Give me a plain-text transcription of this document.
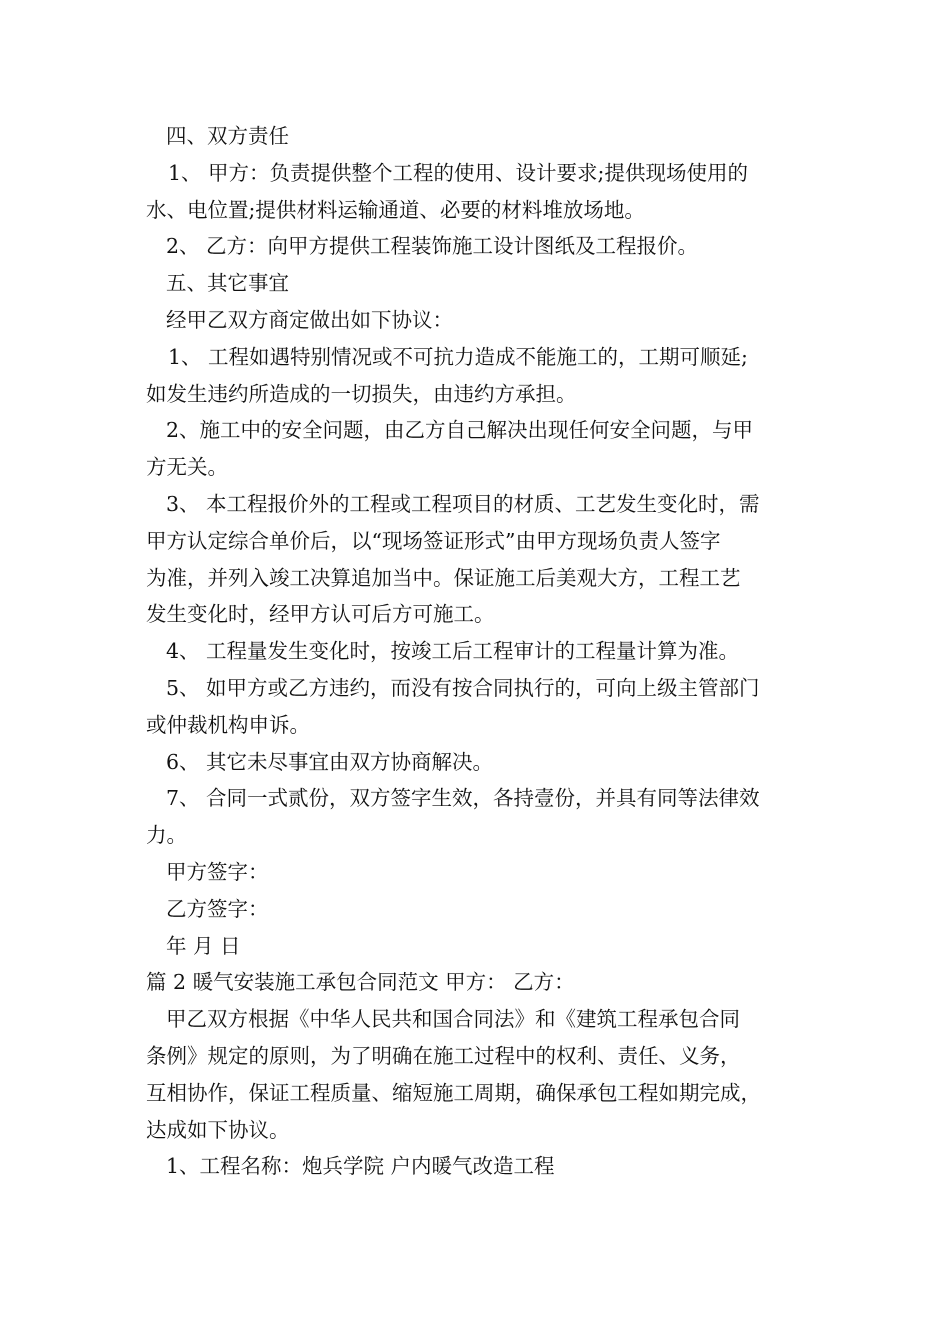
四、双方责任

1、 甲方：负责提供整个工程的使用、设计要求;提供现场使用的

水、电位置;提供材料运输通道、必要的材料堆放场地。

2、 乙方：向甲方提供工程装饰施工设计图纸及工程报价。

五、其它事宜

经甲乙双方商定做出如下协议：

1、 工程如遇特别情况或不可抗力造成不能施工的，工期可顺延;

如发生违约所造成的一切损失，由违约方承担。

2、施工中的安全问题，由乙方自己解决出现任何安全问题，与甲

方无关。

3、 本工程报价外的工程或工程项目的材质、工艺发生变化时，需

甲方认定综合单价后，以“现场签证形式”由甲方现场负责人签字

为准，并列入竣工决算追加当中。保证施工后美观大方，工程工艺

发生变化时，经甲方认可后方可施工。

4、 工程量发生变化时，按竣工后工程审计的工程量计算为准。

5、 如甲方或乙方违约，而没有按合同执行的，可向上级主管部门

或仲裁机构申诉。

6、 其它未尽事宜由双方协商解决。

7、 合同一式贰份，双方签字生效，各持壹份，并具有同等法律效

力。

甲方签字：

乙方签字：

年 月 日

篇 2 暖气安装施工承包合同范文 甲方： 乙方：

甲乙双方根据《中华人民共和国合同法》和《建筑工程承包合同

条例》规定的原则，为了明确在施工过程中的权利、责任、义务，

互相协作，保证工程质量、缩短施工周期，确保承包工程如期完成，

达成如下协议。

1、工程名称：炮兵学院 户内暖气改造工程
